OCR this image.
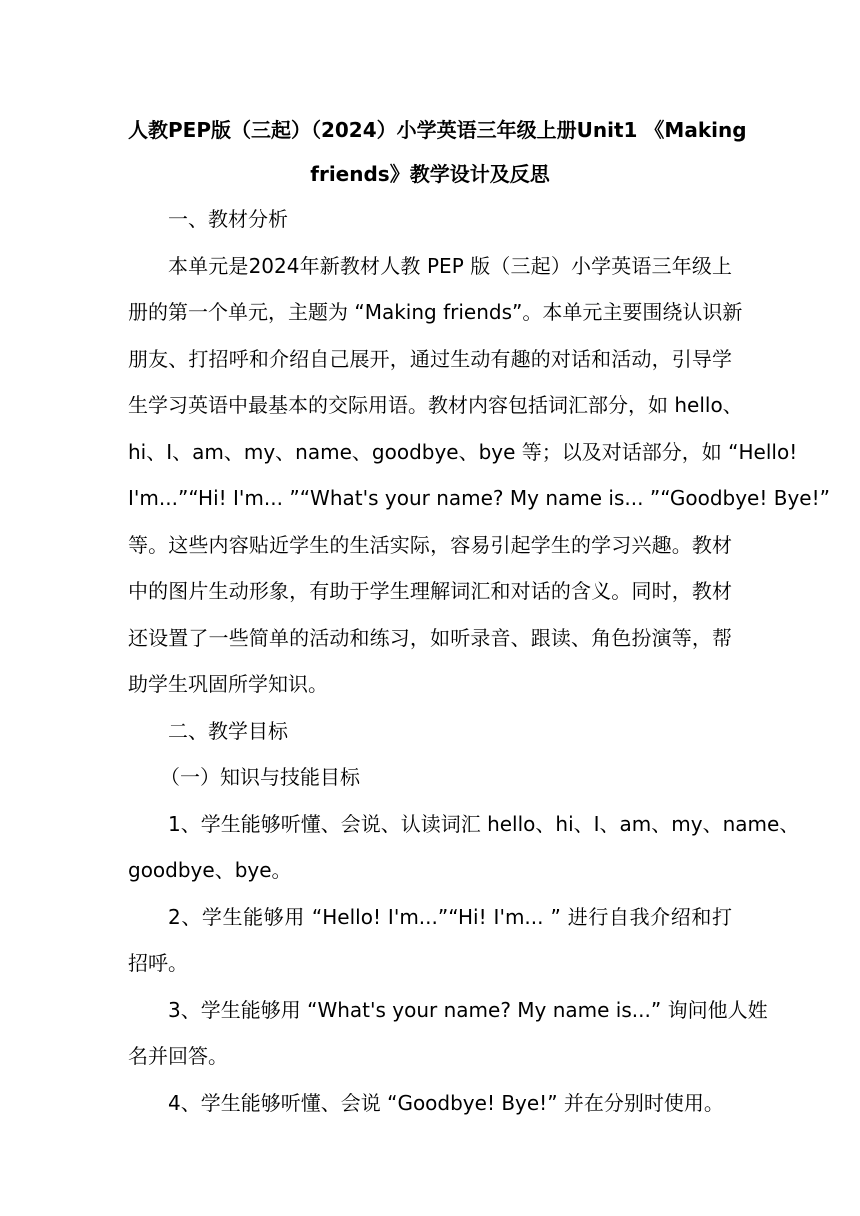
人教PEP版（三起）（2024）小学英语三年级上册Unit1 《Making
friends》教学设计及反思
一、教材分析
本单元是2024年新教材人教 PEP 版（三起）小学英语三年级上
册的第一个单元，主题为 “Making friends”。本单元主要围绕认识新
朋友、打招呼和介绍自己展开，通过生动有趣的对话和活动，引导学
生学习英语中最基本的交际用语。教材内容包括词汇部分，如 hello、
hi、I、am、my、name、goodbye、bye 等；以及对话部分，如 “Hello!
I'm...”“Hi! I'm... ”“What's your name? My name is... ”“Goodbye! Bye!”
等。这些内容贴近学生的生活实际，容易引起学生的学习兴趣。教材
中的图片生动形象，有助于学生理解词汇和对话的含义。同时，教材
还设置了一些简单的活动和练习，如听录音、跟读、角色扮演等，帮
助学生巩固所学知识。
二、教学目标
（一）知识与技能目标
1、学生能够听懂、会说、认读词汇 hello、hi、I、am、my、name、
goodbye、bye。
2、学生能够用 “Hello! I'm...”“Hi! I'm... ” 进行自我介绍和打
招呼。
3、学生能够用 “What's your name? My name is...” 询问他人姓
名并回答。
4、学生能够听懂、会说 “Goodbye! Bye!” 并在分别时使用。
